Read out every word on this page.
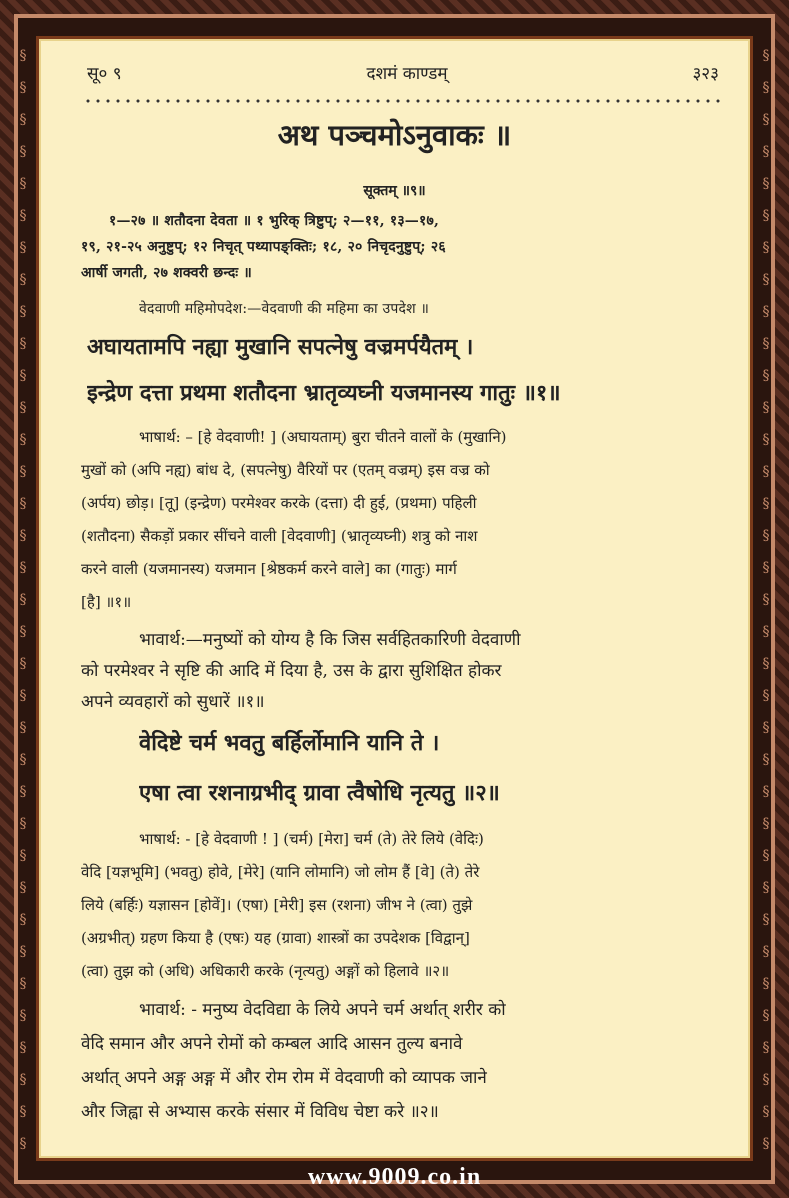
§
§
§
§
§
§
§
§
§
§
§
§
§
§
§
§
§
§
§
§
§
§
§
§
§
§
§
§
§
§
§
§
§
§
§
§
§
§
§
§
§
§
§
§
§
§
§
§
§
§
§
§
§
§
§
§
§
§
§
§
§
§
§
§
§
§
§
§
§
§
सू० ९	दशमं काण्डम्	३२३
अथ पञ्चमोऽनुवाकः ॥
सूक्तम् ॥९॥
१—२७ ॥ शतौदना देवता ॥ १ भुरिक् त्रिष्टुप्; २—११, १३—१७,
१९, २१-२५ अनुष्टुप्; १२ निचृत् पथ्यापङ्क्तिः; १८, २० निचृदनुष्टुप्; २६
आर्षी जगती, २७ शक्वरी छन्दः ॥
वेदवाणी महिमोपदेश:—वेदवाणी की महिमा का उपदेश ॥
अघायतामपि नह्या मुखानि सपत्नेषु वज्रमर्पयैतम् ।
इन्द्रेण दत्ता प्रथमा शतौदना भ्रातृव्यघ्नी यजमानस्य गातुः ॥१॥
भाषार्थ: – [हे वेदवाणी! ] (अघायताम्) बुरा चीतने वालों के (मुखानि)
मुखों को (अपि नह्य) बांध दे, (सपत्नेषु) वैरियों पर (एतम् वज्रम्) इस वज्र को
(अर्पय) छोड़। [तू] (इन्द्रेण) परमेश्वर करके (दत्ता) दी हुई, (प्रथमा) पहिली
(शतौदना) सैकड़ों प्रकार सींचने वाली [वेदवाणी] (भ्रातृव्यघ्नी) शत्रु को नाश
करने वाली (यजमानस्य) यजमान [श्रेष्ठकर्म करने वाले] का (गातुः) मार्ग
[है] ॥१॥
भावार्थ:—मनुष्यों को योग्य है कि जिस सर्वहितकारिणी वेदवाणी
को परमेश्वर ने सृष्टि की आदि में दिया है, उस के द्वारा सुशिक्षित होकर
अपने व्यवहारों को सुधारें ॥१॥
वेदिष्टे चर्म भवतु बर्हिर्लोमानि यानि ते ।
एषा त्वा रशनाग्रभीद् ग्रावा त्वैषोधि नृत्यतु ॥२॥
भाषार्थ: - [हे वेदवाणी ! ] (चर्म) [मेरा] चर्म (ते) तेरे लिये (वेदिः)
वेदि [यज्ञभूमि] (भवतु) होवे, [मेरे] (यानि लोमानि) जो लोम हैं [वे] (ते) तेरे
लिये (बर्हिः) यज्ञासन [होवें]। (एषा) [मेरी] इस (रशना) जीभ ने (त्वा) तुझे
(अग्रभीत्) ग्रहण किया है (एषः) यह (ग्रावा) शास्त्रों का उपदेशक [विद्वान्]
(त्वा) तुझ को (अधि) अधिकारी करके (नृत्यतु) अङ्गों को हिलावे ॥२॥
भावार्थ: - मनुष्य वेदविद्या के लिये अपने चर्म अर्थात् शरीर को
वेदि समान और अपने रोमों को कम्बल आदि आसन तुल्य बनावे
अर्थात् अपने अङ्ग अङ्ग में और रोम रोम में वेदवाणी को व्यापक जाने
और जिह्वा से अभ्यास करके संसार में विविध चेष्टा करे ॥२॥
www.9009.co.in
